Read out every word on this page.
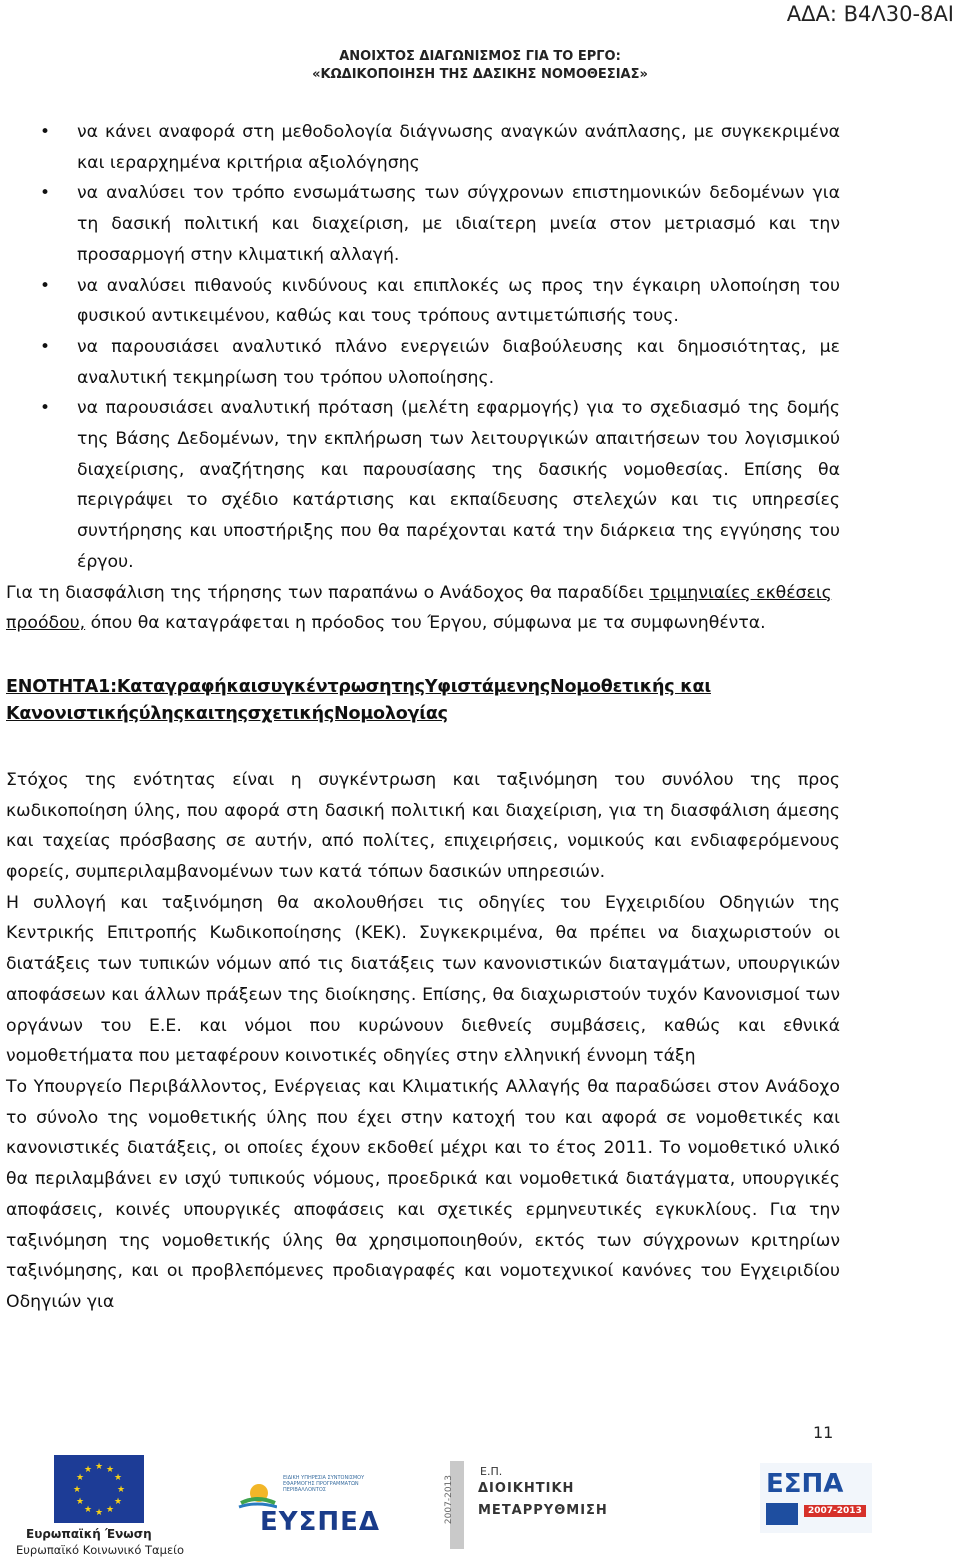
ΑΔΑ: Β4Λ30-8ΑΙ
ΑΝΟΙΧΤΟΣ ΔΙΑΓΩΝΙΣΜΟΣ ΓΙΑ ΤΟ ΕΡΓΟ:
«ΚΩΔΙΚΟΠΟΙΗΣΗ ΤΗΣ ΔΑΣΙΚΗΣ ΝΟΜΟΘΕΣΙΑΣ»
• να κάνει αναφορά στη μεθοδολογία διάγνωσης αναγκών ανάπλασης, με συγκεκριμένα και ιεραρχημένα κριτήρια αξιολόγησης
• να αναλύσει τον τρόπο ενσωμάτωσης των σύγχρονων επιστημονικών δεδομένων για τη δασική πολιτική και διαχείριση, με ιδιαίτερη μνεία στον μετριασμό και την προσαρμογή στην κλιματική αλλαγή.
• να αναλύσει πιθανούς κινδύνους και επιπλοκές ως προς την έγκαιρη υλοποίηση του φυσικού αντικειμένου, καθώς και τους τρόπους αντιμετώπισής τους.
• να παρουσιάσει αναλυτικό πλάνο ενεργειών διαβούλευσης και δημοσιότητας, με αναλυτική τεκμηρίωση του τρόπου υλοποίησης.
• να παρουσιάσει αναλυτική πρόταση (μελέτη εφαρμογής) για το σχεδιασμό της δομής της Βάσης Δεδομένων, την εκπλήρωση των λειτουργικών απαιτήσεων του λογισμικού διαχείρισης, αναζήτησης και παρουσίασης της δασικής νομοθεσίας. Επίσης θα περιγράψει το σχέδιο κατάρτισης και εκπαίδευσης στελεχών και τις υπηρεσίες συντήρησης και υποστήριξης που θα παρέχονται κατά την διάρκεια της εγγύησης του έργου.

Για τη διασφάλιση της τήρησης των παραπάνω ο Ανάδοχος θα παραδίδει τριμηνιαίες εκθέσεις προόδου, όπου θα καταγράφεται η πρόοδος του Έργου, σύμφωνα με τα συμφωνηθέντα.

ΕΝΟΤΗΤΑ1:ΚαταγραφήκαισυγκέντρωσητηςΥφιστάμενηςΝομοθετικής και ΚανονιστικήςύληςκαιτηςσχετικήςΝομολογίας

Στόχος της ενότητας είναι η συγκέντρωση και ταξινόμηση του συνόλου της προς κωδικοποίηση ύλης, που αφορά στη δασική πολιτική και διαχείριση, για τη διασφάλιση άμεσης και ταχείας πρόσβασης σε αυτήν, από πολίτες, επιχειρήσεις, νομικούς και ενδιαφερόμενους φορείς, συμπεριλαμβανομένων των κατά τόπων δασικών υπηρεσιών.

Η συλλογή και ταξινόμηση θα ακολουθήσει τις οδηγίες του Εγχειριδίου Οδηγιών της Κεντρικής Επιτροπής Κωδικοποίησης (ΚΕΚ). Συγκεκριμένα, θα πρέπει να διαχωριστούν οι διατάξεις των τυπικών νόμων από τις διατάξεις των κανονιστικών διαταγμάτων, υπουργικών αποφάσεων και άλλων πράξεων της διοίκησης. Επίσης, θα διαχωριστούν τυχόν Κανονισμοί των οργάνων του Ε.Ε. και νόμοι που κυρώνουν διεθνείς συμβάσεις, καθώς και εθνικά νομοθετήματα που μεταφέρουν κοινοτικές οδηγίες στην ελληνική έννομη τάξη

Το Υπουργείο Περιβάλλοντος, Ενέργειας και Κλιματικής Αλλαγής θα παραδώσει στον Ανάδοχο το σύνολο της νομοθετικής ύλης που έχει στην κατοχή του και αφορά σε νομοθετικές και κανονιστικές διατάξεις, οι οποίες έχουν εκδοθεί μέχρι και το έτος 2011. Το νομοθετικό υλικό θα περιλαμβάνει εν ισχύ τυπικούς νόμους, προεδρικά και νομοθετικά διατάγματα, υπουργικές αποφάσεις, κοινές υπουργικές αποφάσεις και σχετικές ερμηνευτικές εγκυκλίους. Για την ταξινόμηση της νομοθετικής ύλης θα χρησιμοποιηθούν, εκτός των σύγχρονων κριτηρίων ταξινόμησης, και οι προβλεπόμενες προδιαγραφές και νομοτεχνικοί κανόνες του Εγχειριδίου Οδηγιών για

11
★ ★
★
★
★
★
★
★
★
★
★
★
Ευρωπαϊκή Ένωση
Ευρωπαϊκό Κοινωνικό Ταμείο
ΕΙΔΙΚΗ ΥΠΗΡΕΣΙΑ ΣΥΝΤΟΝΙΣΜΟΥ ΕΦΑΡΜΟΓΗΣ ΠΡΟΓΡΑΜΜΑΤΩΝ ΠΕΡΙΒΑΛΛΟΝΤΟΣ
ΕΥΣΠΕΔ	2007-2013
Ε.Π.
ΔΙΟΙΚΗΤΙΚΗ
ΜΕΤΑΡΡΥΘΜΙΣΗ
ΕΣΠΑ
2007-2013
